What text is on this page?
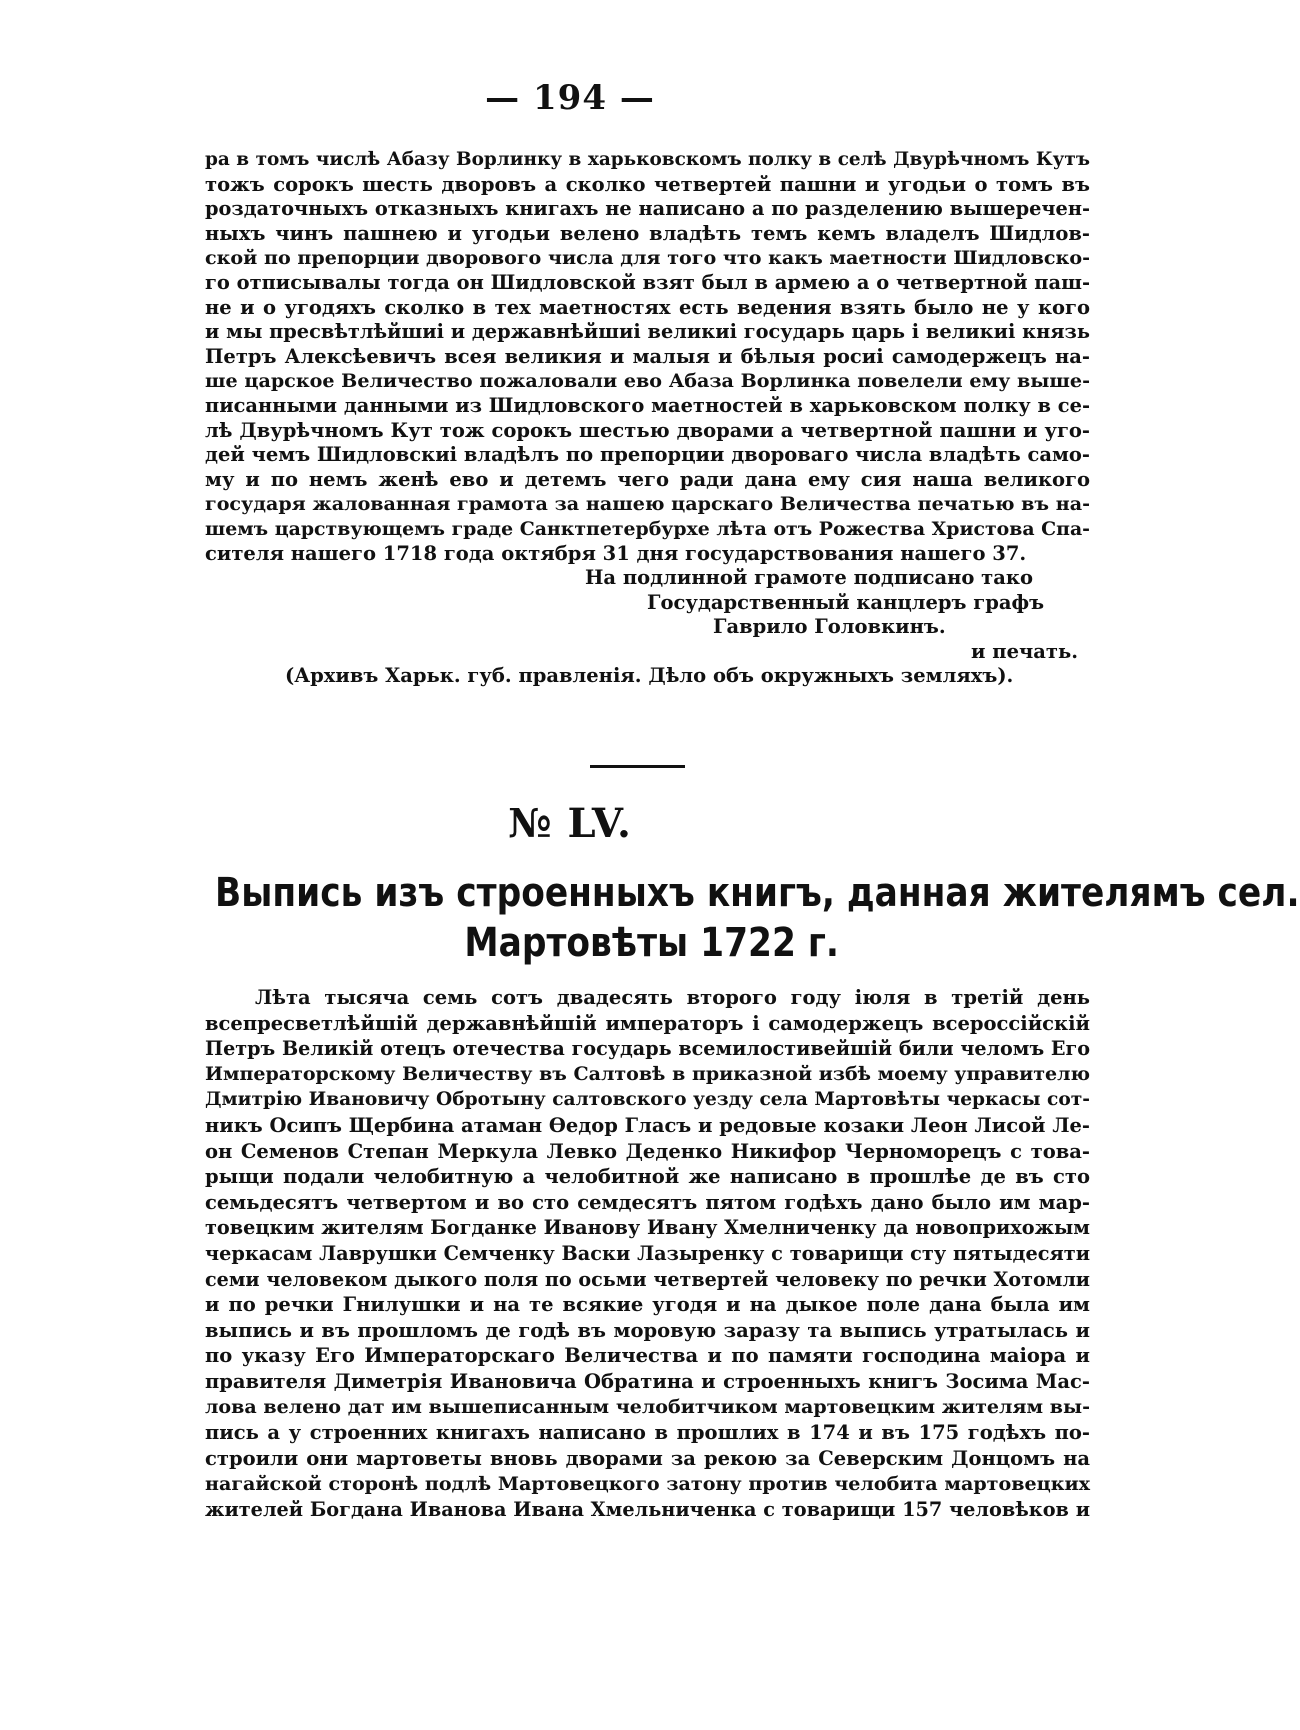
— 194 —
ра в томъ числѣ Абазу Ворлинку в харьковскомъ полку в селѣ Двурѣчномъ Кутъ
тожъ сорокъ шесть дворовъ а сколко четвертей пашни и угодьи о томъ въ
роздаточныхъ отказныхъ книгахъ не написано а по разделению вышеречен-
ныхъ чинъ пашнею и угодьи велено владѣть темъ кемъ владелъ Шидлов-
ской по препорции дворового числа для того что какъ маетности Шидловско-
го отписывалы тогда он Шидловской взят был в армею а о четвертной паш-
не и о угодяхъ сколко в тех маетностях есть ведения взять было не у кого
и мы пресвѣтлѣйшиі и державнѣйшиі великиі государь царь і великиі князь
Петръ Алексѣевичъ всея великия и малыя и бѣлыя росиі самодержецъ на-
ше царское Величество пожаловали ево Абаза Ворлинка повелели ему выше-
писанными данными из Шидловского маетностей в харьковском полку в се-
лѣ Двурѣчномъ Кут тож сорокъ шестью дворами а четвертной пашни и уго-
дей чемъ Шидловскиі владѣлъ по препорции двороваго числа владѣть само-
му и по немъ женѣ ево и детемъ чего ради дана ему сия наша великого
государя жалованная грамота за нашею царскаго Величества печатью въ на-
шемъ царствующемъ граде Санктпетербурхе лѣта отъ Рожества Христова Спа-
сителя нашего 1718 года октября 31 дня государствования нашего 37.
На подлинной грамоте подписано тако
Государственный канцлеръ графъ
Гаврило Головкинъ.
и печать.
(Архивъ Харьк. губ. правленія. Дѣло объ окружныхъ земляхъ).
№ LV.
Выпись изъ строенныхъ книгъ, данная жителямъ сел.
Мартовѣты 1722 г.
Лѣта тысяча семь сотъ двадесять второго году іюля в третій день
всепресветлѣйшій державнѣйшій императоръ і самодержецъ всеросcійскій
Петръ Великій отецъ отечества государь всемилостивейшій били челомъ Его
Императорскому Величеству въ Салтовѣ в приказной избѣ моему управителю
Дмитрію Ивановичу Обротыну салтовского уезду села Мартовѣты черкасы сот-
никъ Осипъ Щербина атаман Ѳедор Гласъ и редовые козаки Леон Лисой Ле-
он Семенов Степан Меркула Левко Деденко Никифор Черноморецъ с това-
рыщи подали челобитную а челобитной же написано в прошлѣе де въ сто
семьдесятъ четвертом и во сто семдесятъ пятом годѣхъ дано было им мар-
товецким жителям Богданке Иванову Ивану Хмелниченку да новоприхожым
черкасам Лаврушки Семченку Васки Лазыренку с товарищи сту пятыдесяти
семи человеком дыкого поля по осьми четвертей человеку по речки Хотомли
и по речки Гнилушки и на те всякие угодя и на дыкое поле дана была им
выпись и въ прошломъ де годѣ въ моровую заразу та выпись утратылась и
по указу Его Императорскаго Величества и по памяти господина маіора и
правителя Диметрія Ивановича Обратина и строенныхъ книгъ Зосима Мас-
лова велено дат им вышеписанным челобитчиком мартовецким жителям вы-
пись а у строенних книгахъ написано в прошлих в 174 и въ 175 годѣхъ по-
строили они мартоветы вновь дворами за рекою за Северским Донцомъ на
нагайской сторонѣ подлѣ Мартовецкого затону против челобита мартовецких
жителей Богдана Иванова Ивана Хмельниченка с товарищи 157 человѣков и
